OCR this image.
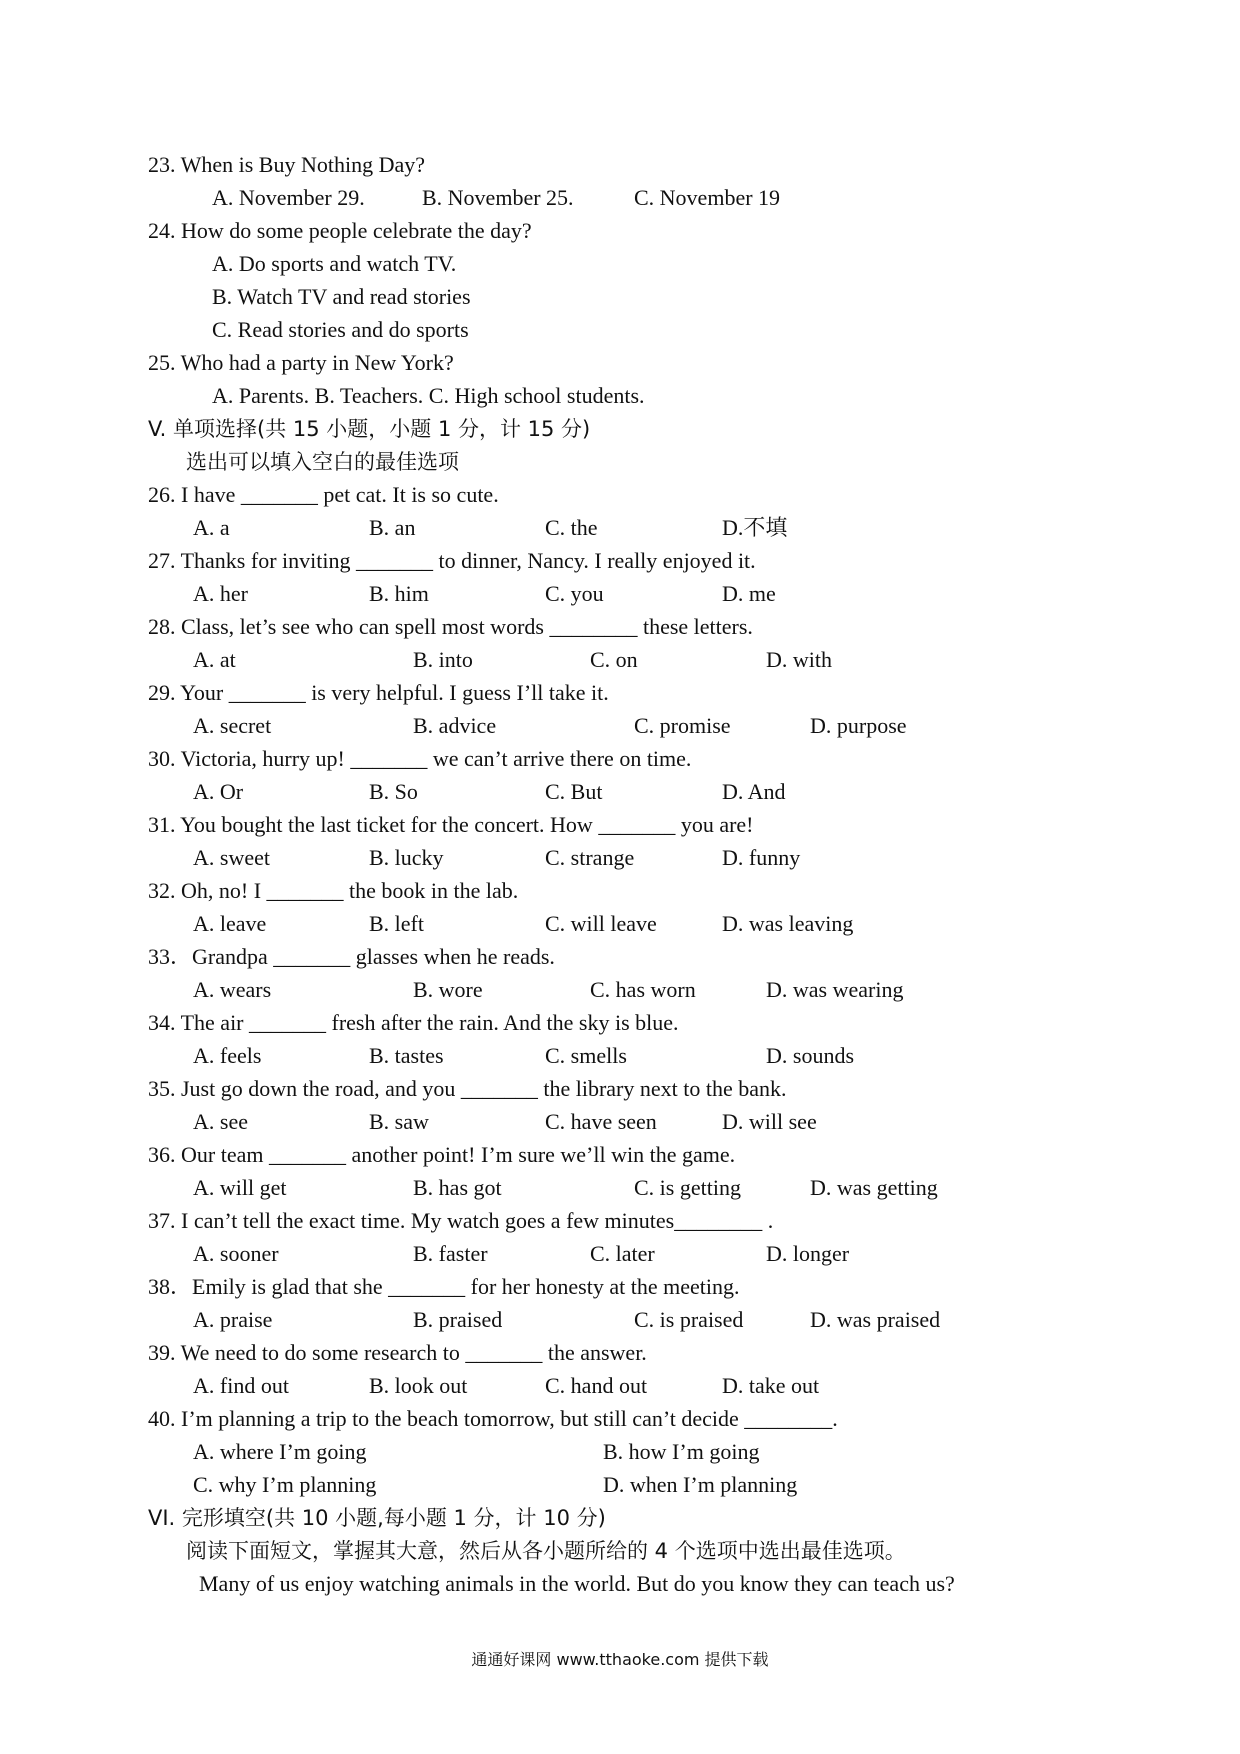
23. When is Buy Nothing Day?
A. November 29.	B. November 25.	C. November 19
24. How do some people celebrate the day?
A. Do sports and watch TV.
B. Watch TV and read stories
C. Read stories and do sports
25. Who had a party in New York?
A. Parents. B. Teachers. C. High school students.
V. 单项选择(共 15 小题，小题 1 分，计 15 分)
选出可以填入空白的最佳选项
26. I have _______ pet cat. It is so cute.
A. a	B. an	C. the	D.不填
27. Thanks for inviting _______ to dinner, Nancy. I really enjoyed it.
A. her	B. him	C. you	D. me
28. Class, let’s see who can spell most words ________ these letters.
A. at	B. into	C. on	D. with
29. Your _______ is very helpful. I guess I’ll take it.
A. secret	B. advice	C. promise	D. purpose
30. Victoria, hurry up! _______ we can’t arrive there on time.
A. Or	B. So	C. But	D. And
31. You bought the last ticket for the concert. How _______ you are!
A. sweet	B. lucky	C. strange	D. funny
32. Oh, no! I _______ the book in the lab.
A. leave	B. left	C. will leave	D. was leaving
33．Grandpa _______ glasses when he reads.
A. wears	B. wore	C. has worn	D. was wearing
34. The air _______ fresh after the rain. And the sky is blue.
A. feels	B. tastes	C. smells	D. sounds
35. Just go down the road, and you _______ the library next to the bank.
A. see	B. saw	C. have seen	D. will see
36. Our team _______ another point! I’m sure we’ll win the game.
A. will get	B. has got	C. is getting	D. was getting
37. I can’t tell the exact time. My watch goes a few minutes________ .
A. sooner	B. faster	C. later	D. longer
38．Emily is glad that she _______ for her honesty at the meeting.
A. praise	B. praised	C. is praised	D. was praised
39. We need to do some research to _______ the answer.
A. find out	B. look out	C. hand out	D. take out
40. I’m planning a trip to the beach tomorrow, but still can’t decide ________.
A. where I’m going	B. how I’m going
C. why I’m planning	D. when I’m planning
VI. 完形填空(共 10 小题,每小题 1 分，计 10 分)
阅读下面短文，掌握其大意，然后从各小题所给的 4 个选项中选出最佳选项。
Many of us enjoy watching animals in the world. But do you know they can teach us?
通通好课网 www.tthaoke.com 提供下载
